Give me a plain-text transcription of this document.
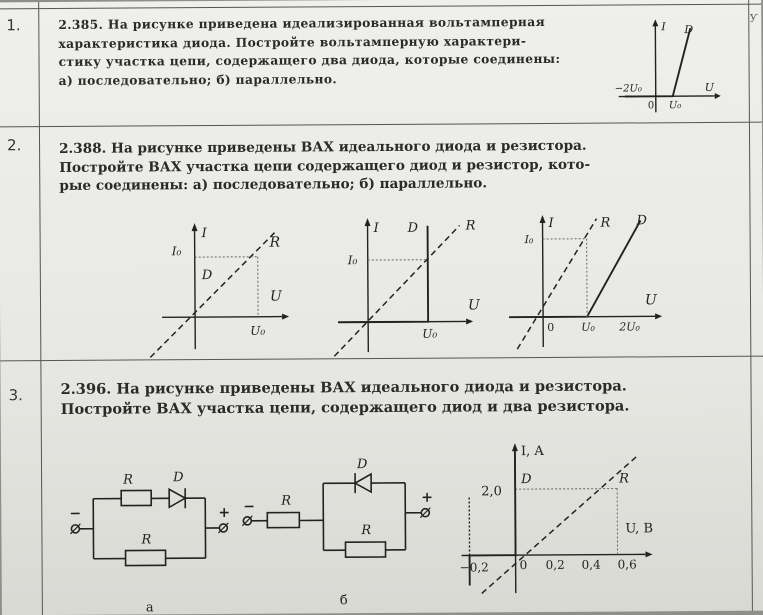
ƴ
1.	2.385. На рисунке приведена идеализированная вольтамперная
характеристика диода. Постройте вольтамперную характери-
стику участка цепи, содержащего два диода, которые соединены:
а) последовательно; б) параллельно.
I D
U
−2U₀
0 U₀
2.	2.388. На рисунке приведены ВАХ идеального диода и резистора.
Постройте ВАХ участка цепи содержащего диод и резистор, кото-
рые соединены: а) последовательно; б) параллельно.
I
R
D
U
I₀
U₀
I D	R
U
I₀
U₀
I	R D
U
I₀
0 U₀ 2U₀
3.	2.396. На рисунке приведены ВАХ идеального диода и резистора.
Постройте ВАХ участка цепи, содержащего диод и два резистора.
R	D
R
−	+
а
R
D
R
−
+
б
I, A
D	R
2,0
U, B
−0,2	0 0,2 0,4 0,6
